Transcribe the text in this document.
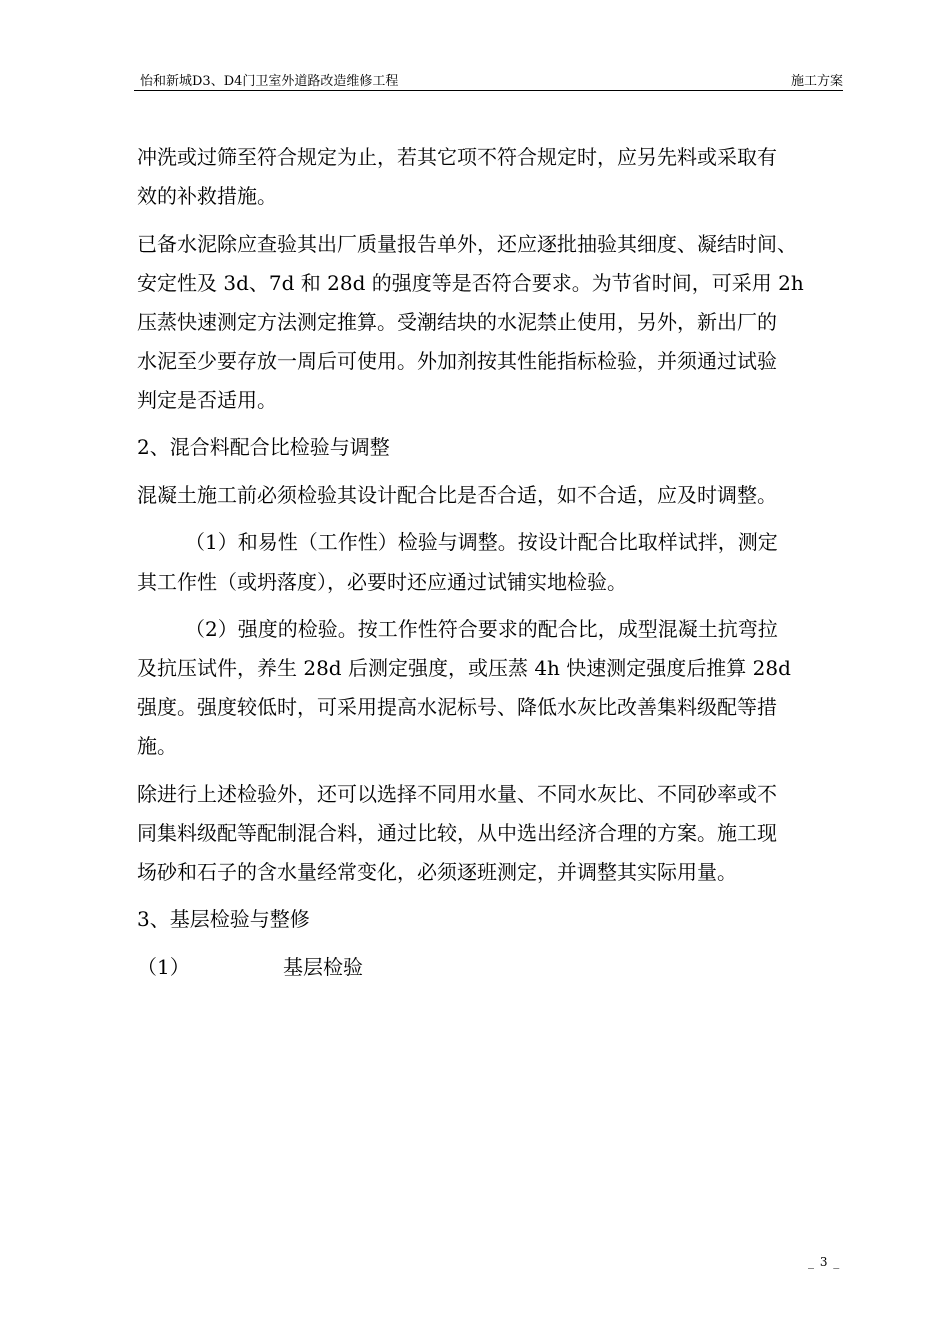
怡和新城D3、D4门卫室外道路改造维修工程	施工方案

冲洗或过筛至符合规定为止，若其它项不符合规定时，应另先料或采取有

效的补救措施。

已备水泥除应查验其出厂质量报告单外，还应逐批抽验其细度、凝结时间、

安定性及 3d、7d 和 28d 的强度等是否符合要求。为节省时间，可采用 2h

压蒸快速测定方法测定推算。受潮结块的水泥禁止使用，另外，新出厂的

水泥至少要存放一周后可使用。外加剂按其性能指标检验，并须通过试验

判定是否适用。

2、混合料配合比检验与调整

混凝土施工前必须检验其设计配合比是否合适，如不合适，应及时调整。

（1）和易性（工作性）检验与调整。按设计配合比取样试拌，测定

其工作性（或坍落度），必要时还应通过试铺实地检验。

（2）强度的检验。按工作性符合要求的配合比，成型混凝土抗弯拉

及抗压试件，养生 28d 后测定强度，或压蒸 4h 快速测定强度后推算 28d

强度。强度较低时，可采用提高水泥标号、降低水灰比改善集料级配等措

施。

除进行上述检验外，还可以选择不同用水量、不同水灰比、不同砂率或不

同集料级配等配制混合料，通过比较，从中选出经济合理的方案。施工现

场砂和石子的含水量经常变化，必须逐班测定，并调整其实际用量。

3、基层检验与整修

（1）	基层检验

_ 3 _
